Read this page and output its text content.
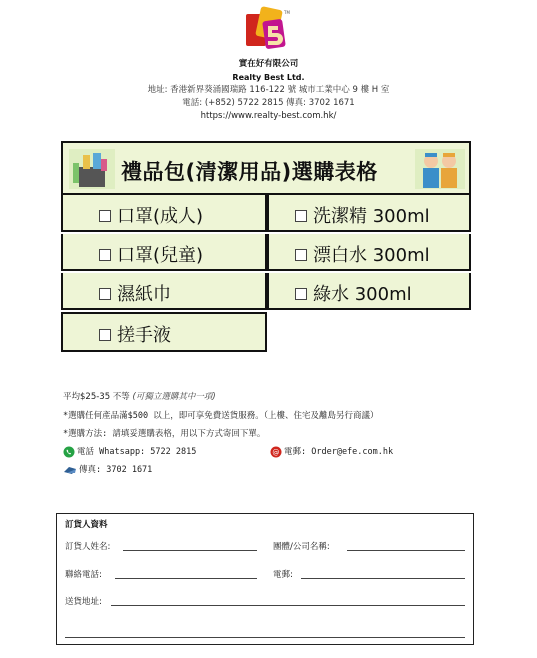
TM
實在好有限公司
Realty Best Ltd.
地址: 香港新界葵涌國瑞路 116-122 號 城市工業中心 9 樓 H 室
電話: (+852) 5722 2815 傳真: 3702 1671
https://www.realty-best.com.hk/
禮品包(清潔用品)選購表格
口罩(成人)
口罩(兒童)
濕紙巾
搓手液
洗潔精 300ml
漂白水 300ml
綠水 300ml
平均$25-35 不等 (可獨立選購其中一項)
*選購任何產品滿$500 以上，即可享免費送貨服務。（上樓、住宅及離島另行商議）
*選購方法: 請填妥選購表格，用以下方式寄回下單。
電話 Whatsapp: 5722 2815	@ 電郵: Order@efe.com.hk
傳真: 3702 1671
訂貨人資料
訂貨人姓名:	團體/公司名稱:
聯絡電話:	電郵:
送貨地址:
